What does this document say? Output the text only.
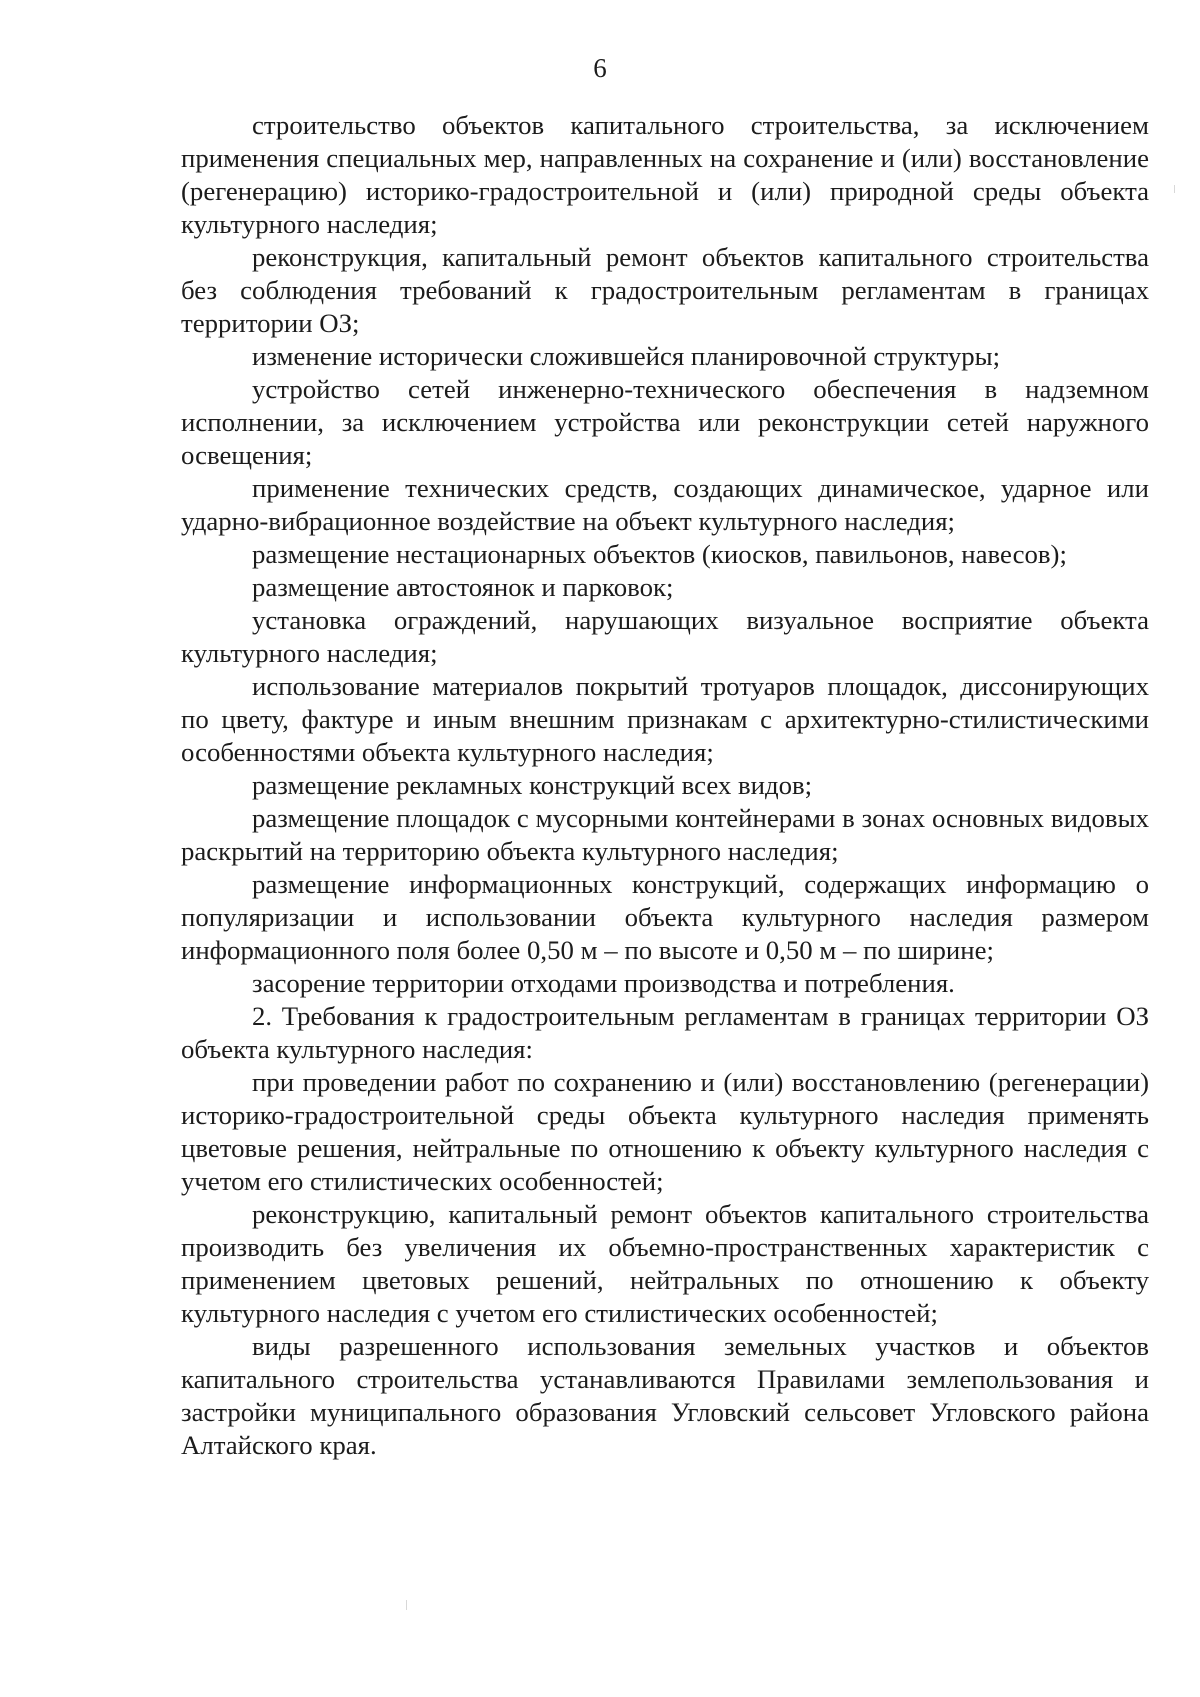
6

строительство объектов капитального строительства, за исключением применения специальных мер, направленных на сохранение и (или) восстановление (регенерацию) историко-градостроительной и (или) природной среды объекта культурного наследия;

реконструкция, капитальный ремонт объектов капитального строительства без соблюдения требований к градостроительным регламентам в границах территории ОЗ;

изменение исторически сложившейся планировочной структуры;

устройство сетей инженерно-технического обеспечения в надземном исполнении, за исключением устройства или реконструкции сетей наружного освещения;

применение технических средств, создающих динамическое, ударное или ударно-вибрационное воздействие на объект культурного наследия;

размещение нестационарных объектов (киосков, павильонов, навесов);

размещение автостоянок и парковок;

установка ограждений, нарушающих визуальное восприятие объекта культурного наследия;

использование материалов покрытий тротуаров площадок, диссонирующих по цвету, фактуре и иным внешним признакам с архитектурно-стилистическими особенностями объекта культурного наследия;

размещение рекламных конструкций всех видов;

размещение площадок с мусорными контейнерами в зонах основных видовых раскрытий на территорию объекта культурного наследия;

размещение информационных конструкций, содержащих информацию о популяризации и использовании объекта культурного наследия размером информационного поля более 0,50 м – по высоте и 0,50 м – по ширине;

засорение территории отходами производства и потребления.

2. Требования к градостроительным регламентам в границах территории ОЗ объекта культурного наследия:

при проведении работ по сохранению и (или) восстановлению (регенерации) историко-градостроительной среды объекта культурного наследия применять цветовые решения, нейтральные по отношению к объекту культурного наследия с учетом его стилистических особенностей;

реконструкцию, капитальный ремонт объектов капитального строительства производить без увеличения их объемно-пространственных характеристик с применением цветовых решений, нейтральных по отношению к объекту культурного наследия с учетом его стилистических особенностей;

виды разрешенного использования земельных участков и объектов капитального строительства устанавливаются Правилами землепользования и застройки муниципального образования Угловский сельсовет Угловского района Алтайского края.
